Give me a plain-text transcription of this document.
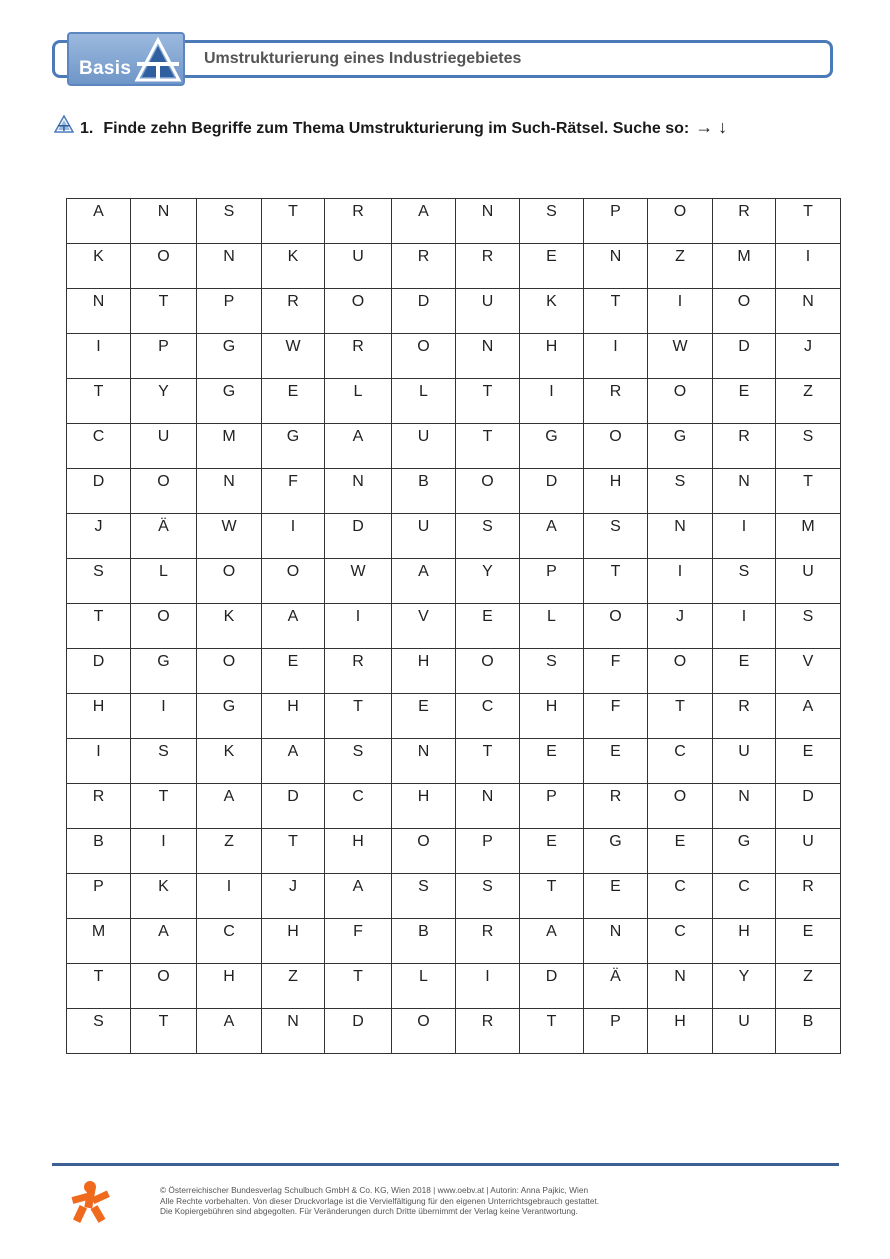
Basis	Umstrukturierung eines Industriegebietes
1. Finde zehn Begriffe zum Thema Umstrukturierung im Such-Rätsel. Suche so: → ↓
A	N	S	T	R	A	N	S	P	O	R	T
K	O	N	K	U	R	R	E	N	Z	M	I
N	T	P	R	O	D	U	K	T	I	O	N
I	P	G	W	R	O	N	H	I	W	D	J
T	Y	G	E	L	L	T	I	R	O	E	Z
C	U	M	G	A	U	T	G	O	G	R	S
D	O	N	F	N	B	O	D	H	S	N	T
J	Ä	W	I	D	U	S	A	S	N	I	M
S	L	O	O	W	A	Y	P	T	I	S	U
T	O	K	A	I	V	E	L	O	J	I	S
D	G	O	E	R	H	O	S	F	O	E	V
H	I	G	H	T	E	C	H	F	T	R	A
I	S	K	A	S	N	T	E	E	C	U	E
R	T	A	D	C	H	N	P	R	O	N	D
B	I	Z	T	H	O	P	E	G	E	G	U
P	K	I	J	A	S	S	T	E	C	C	R
M	A	C	H	F	B	R	A	N	C	H	E
T	O	H	Z	T	L	I	D	Ä	N	Y	Z
S	T	A	N	D	O	R	T	P	H	U	B
© Österreichischer Bundesverlag Schulbuch GmbH & Co. KG, Wien 2018 | www.oebv.at | Autorin: Anna Pajkic, Wien
Alle Rechte vorbehalten. Von dieser Druckvorlage ist die Vervielfältigung für den eigenen Unterrichtsgebrauch gestattet.
Die Kopiergebühren sind abgegolten. Für Veränderungen durch Dritte übernimmt der Verlag keine Verantwortung.
